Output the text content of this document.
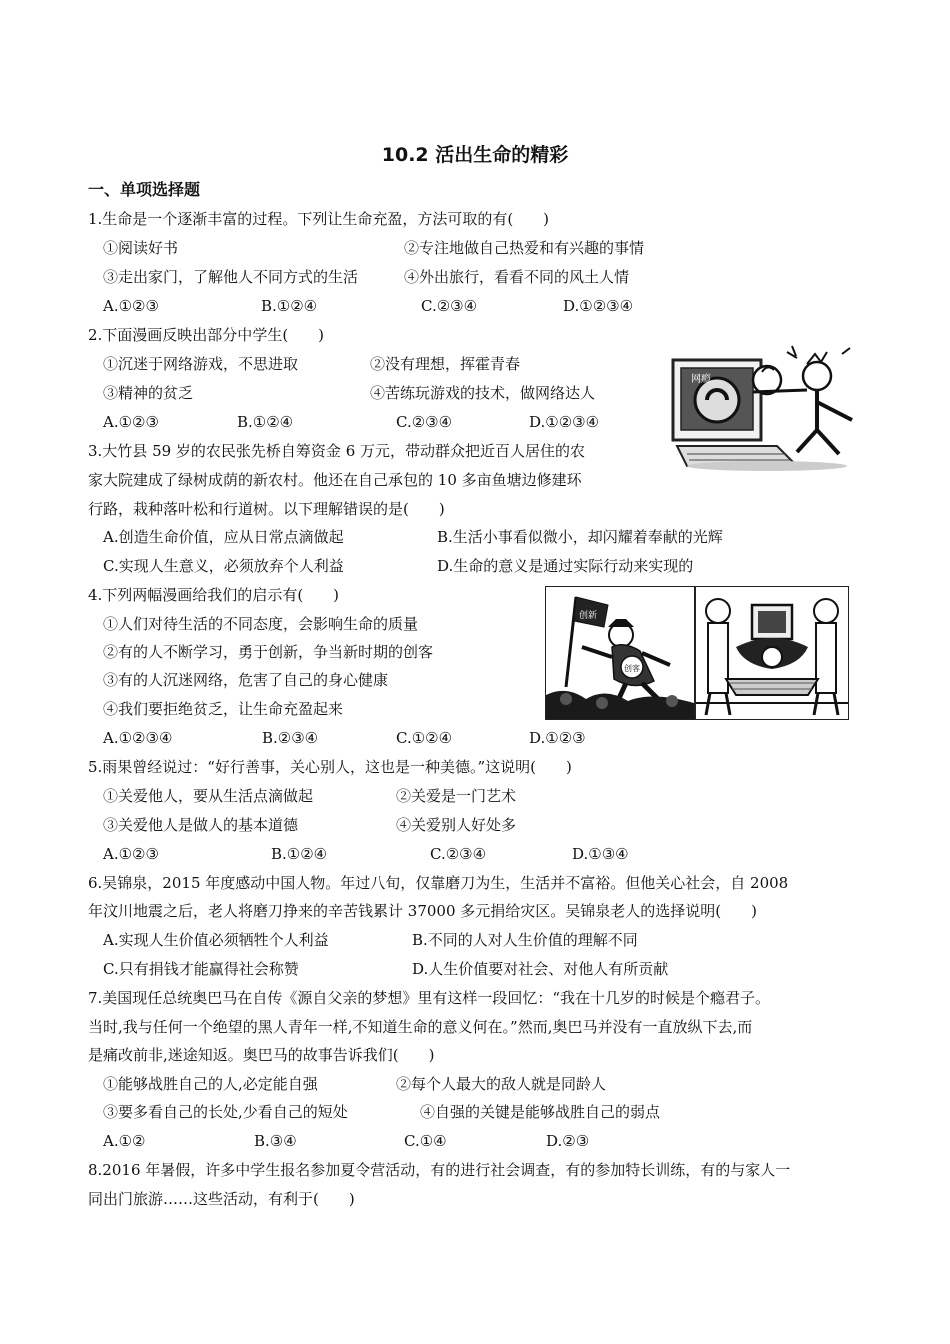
10.2 活出生命的精彩
一、单项选择题
1.生命是一个逐渐丰富的过程。下列让生命充盈，方法可取的有(　　)
①阅读好书	②专注地做自己热爱和有兴趣的事情
③走出家门，了解他人不同方式的生活	④外出旅行，看看不同的风土人情
A.①②③	B.①②④	C.②③④	D.①②③④
2.下面漫画反映出部分中学生(　　)
①沉迷于网络游戏，不思进取	②没有理想，挥霍青春
③精神的贫乏	④苦练玩游戏的技术，做网络达人
A.①②③	B.①②④	C.②③④	D.①②③④
网瘾
3.大竹县 59 岁的农民张先桥自筹资金 6 万元，带动群众把近百人居住的农
家大院建成了绿树成荫的新农村。他还在自己承包的 10 多亩鱼塘边修建环
行路，栽种落叶松和行道树。以下理解错误的是(　　)
A.创造生命价值，应从日常点滴做起	B.生活小事看似微小，却闪耀着奉献的光辉
C.实现人生意义，必须放弃个人利益	D.生命的意义是通过实际行动来实现的
4.下列两幅漫画给我们的启示有(　　)
①人们对待生活的不同态度，会影响生命的质量
②有的人不断学习，勇于创新，争当新时期的创客
③有的人沉迷网络，危害了自己的身心健康
④我们要拒绝贫乏，让生命充盈起来
A.①②③④	B.②③④	C.①②④	D.①②③
创新
创客
5.雨果曾经说过：“好行善事，关心别人，这也是一种美德。”这说明(　　)
①关爱他人，要从生活点滴做起	②关爱是一门艺术
③关爱他人是做人的基本道德	④关爱别人好处多
A.①②③	B.①②④	C.②③④	D.①③④
6.吴锦泉，2015 年度感动中国人物。年过八旬，仅靠磨刀为生，生活并不富裕。但他关心社会，自 2008
年汶川地震之后，老人将磨刀挣来的辛苦钱累计 37000 多元捐给灾区。吴锦泉老人的选择说明(　　)
A.实现人生价值必须牺牲个人利益	B.不同的人对人生价值的理解不同
C.只有捐钱才能赢得社会称赞	D.人生价值要对社会、对他人有所贡献
7.美国现任总统奥巴马在自传《源自父亲的梦想》里有这样一段回忆：“我在十几岁的时候是个瘾君子。
当时,我与任何一个绝望的黑人青年一样,不知道生命的意义何在。”然而,奥巴马并没有一直放纵下去,而
是痛改前非,迷途知返。奥巴马的故事告诉我们(　　)
①能够战胜自己的人,必定能自强	②每个人最大的敌人就是同龄人
③要多看自己的长处,少看自己的短处	④自强的关键是能够战胜自己的弱点
A.①②	B.③④	C.①④	D.②③
8.2016 年暑假，许多中学生报名参加夏令营活动，有的进行社会调查，有的参加特长训练，有的与家人一
同出门旅游……这些活动，有利于(　　)
